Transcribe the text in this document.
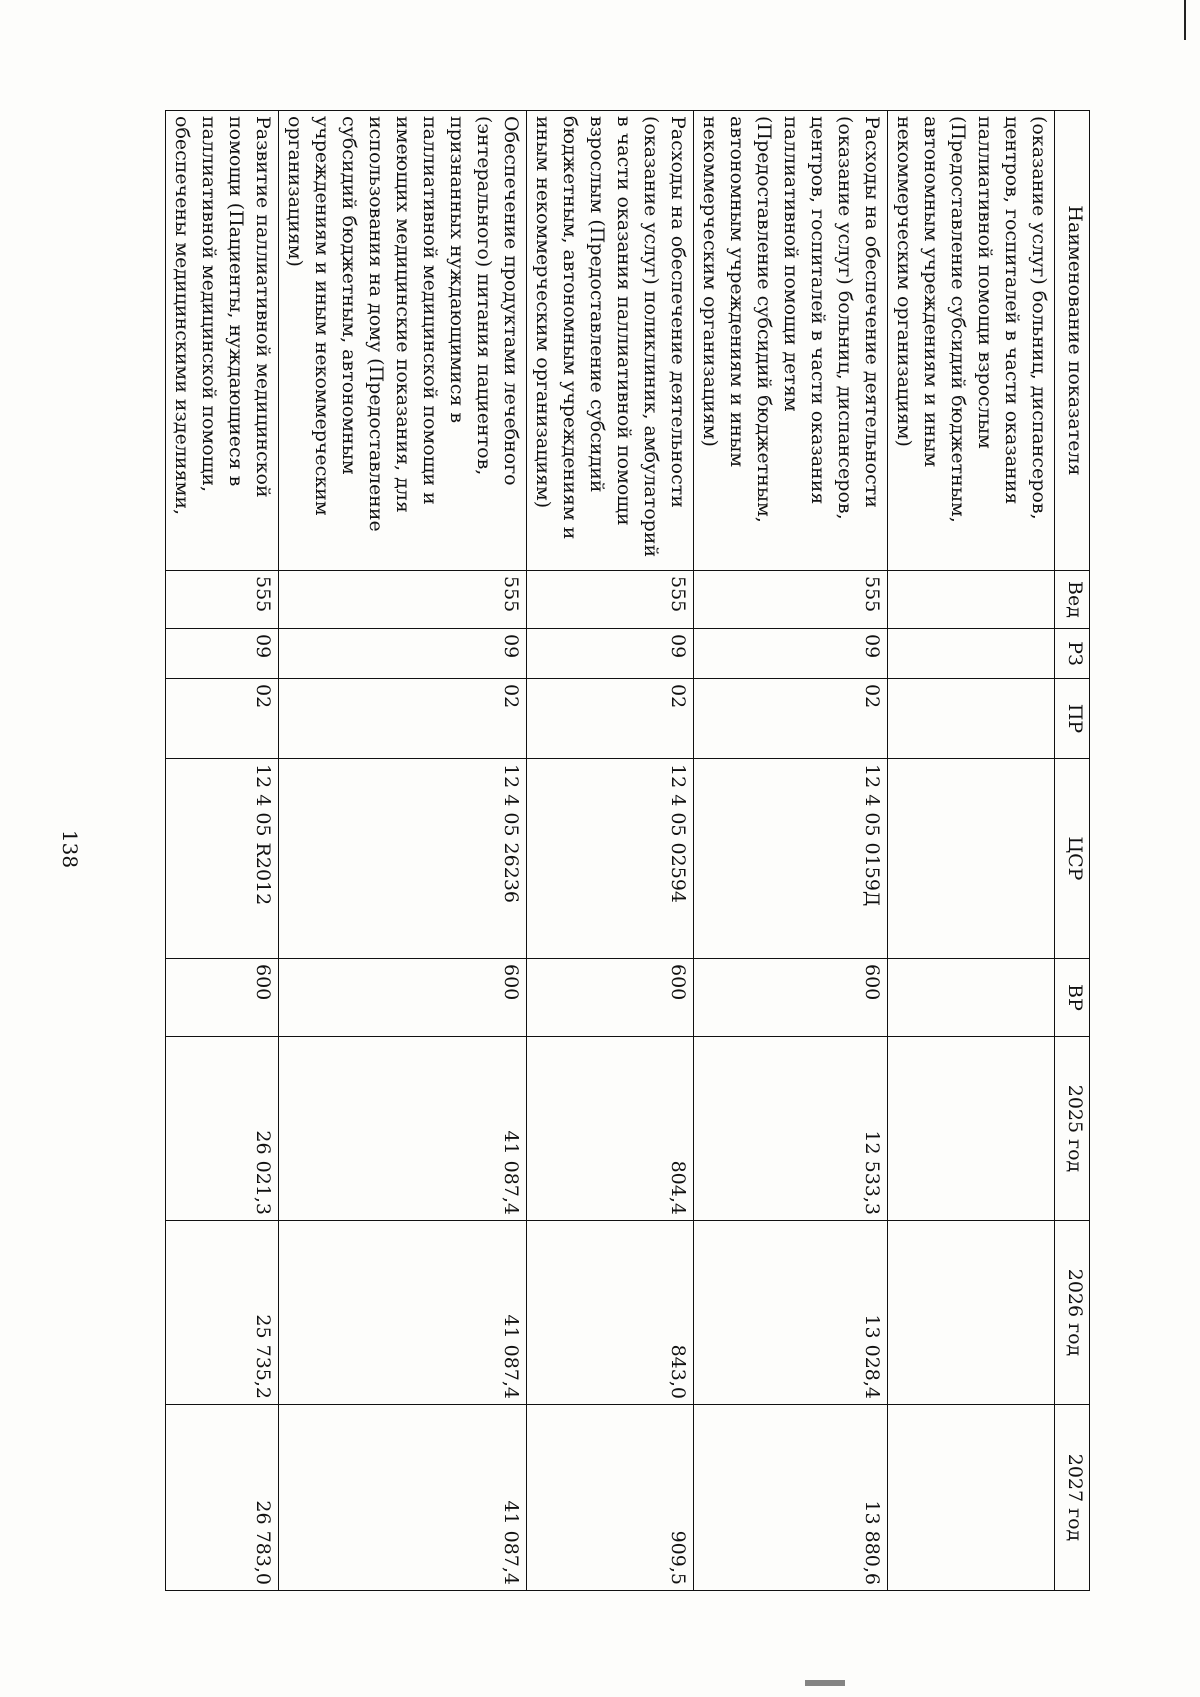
138
Наименование показателя	Вед	РЗ	ПР	ЦСР	ВР	2025 год	2026 год	2027 год
(оказание услуг) больниц, диспансеров, центров, госпиталей в части оказания паллиативной помощи взрослым (Предоставление субсидий бюджетным, автономным учреждениям и иным некоммерческим организациям)								
Расходы на обеспечение деятельности (оказание услуг) больниц, диспансеров, центров, госпиталей в части оказания паллиативной помощи детям (Предоставление субсидий бюджетным, автономным учреждениям и иным некоммерческим организациям)	555	09	02	12 4 05 0159Д	600	12 533,3	13 028,4	13 880,6
Расходы на обеспечение деятельности (оказание услуг) поликлиник, амбулаторий в части оказания паллиативной помощи взрослым (Предоставление субсидий бюджетным, автономным учреждениям и иным некоммерческим организациям)	555	09	02	12 4 05 02594	600	804,4	843,0	909,5
Обеспечение продуктами лечебного (энтерального) питания пациентов, признанных нуждающимися в паллиативной медицинской помощи и имеющих медицинские показания, для использования на дому (Предоставление субсидий бюджетным, автономным учреждениям и иным некоммерческим организациям)	555	09	02	12 4 05 26236	600	41 087,4	41 087,4	41 087,4
Развитие паллиативной медицинской помощи (Пациенты, нуждающиеся в паллиативной медицинской помощи, обеспечены медицинскими изделиями,	555	09	02	12 4 05 R2012	600	26 021,3	25 735,2	26 783,0
